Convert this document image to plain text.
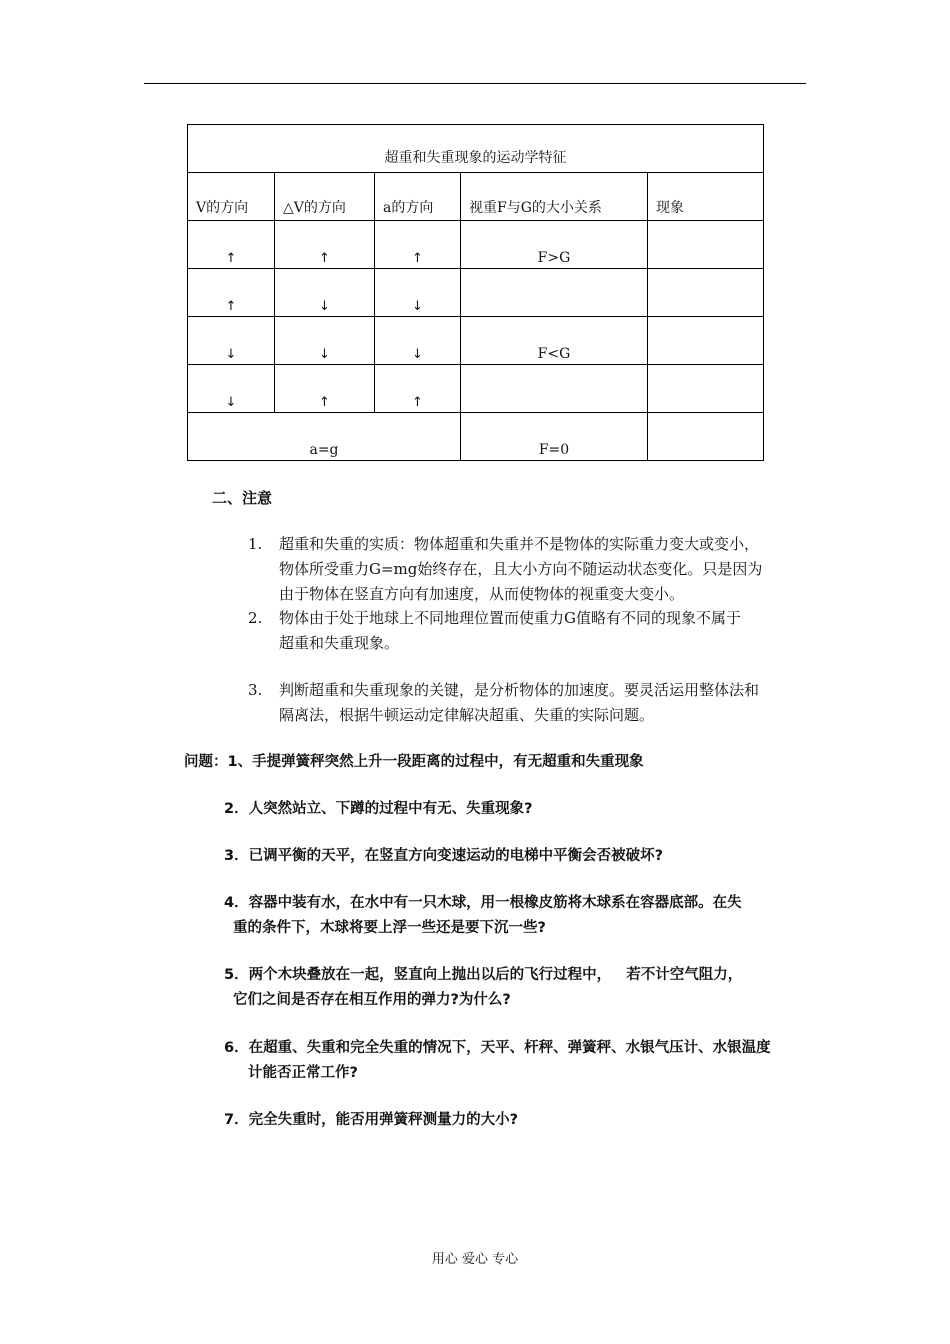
超重和失重现象的运动学特征				
V的方向	△V的方向	a的方向	视重F与G的大小关系	现象
↑	↑	↑	F>G	
↑	↓	↓		
↓	↓	↓	F<G	
↓	↑	↑		
a=g			F=0	
二、注意
1.	超重和失重的实质：物体超重和失重并不是物体的实际重力变大或变小，
物体所受重力G=mg始终存在，且大小方向不随运动状态变化。只是因为
由于物体在竖直方向有加速度，从而使物体的视重变大变小。
2.	物体由于处于地球上不同地理位置而使重力G值略有不同的现象不属于
超重和失重现象。
3.	判断超重和失重现象的关键，是分析物体的加速度。要灵活运用整体法和
隔离法，根据牛顿运动定律解决超重、失重的实际问题。
问题：1、手提弹簧秤突然上升一段距离的过程中，有无超重和失重现象
2．人突然站立、下蹲的过程中有无、失重现象?
3．已调平衡的天平，在竖直方向变速运动的电梯中平衡会否被破坏?
4．容器中装有水，在水中有一只木球，用一根橡皮筋将木球系在容器底部。在失
重的条件下，木球将要上浮一些还是要下沉一些?
5．两个木块叠放在一起，竖直向上抛出以后的飞行过程中，   若不计空气阻力，
它们之间是否存在相互作用的弹力?为什么?
6．在超重、失重和完全失重的情况下，天平、杆秤、弹簧秤、水银气压计、水银温度
计能否正常工作?
7．完全失重时，能否用弹簧秤测量力的大小?
用心 爱心 专心
